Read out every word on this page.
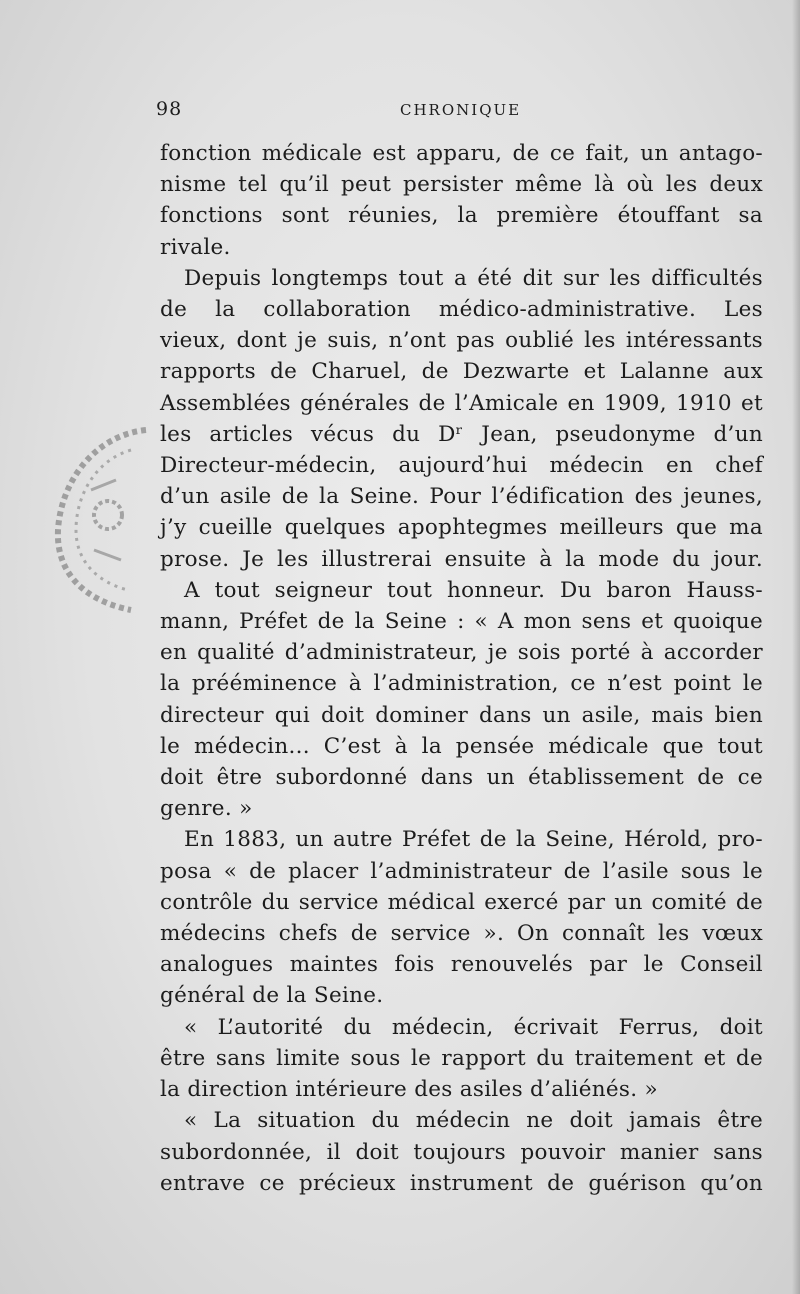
98	CHRONIQUE

fonction médicale est apparu, de ce fait, un antago-
nisme tel qu’il peut persister même là où les deux
fonctions sont réunies, la première étouffant sa
rivale.

Depuis longtemps tout a été dit sur les difficultés
de la collaboration médico-administrative. Les
vieux, dont je suis, n’ont pas oublié les intéressants
rapports de Charuel, de Dezwarte et Lalanne aux
Assemblées générales de l’Amicale en 1909, 1910 et
les articles vécus du Dʳ Jean, pseudonyme d’un
Directeur-médecin, aujourd’hui médecin en chef
d’un asile de la Seine. Pour l’édification des jeunes,
j’y cueille quelques apophtegmes meilleurs que ma
prose. Je les illustrerai ensuite à la mode du jour.

A tout seigneur tout honneur. Du baron Hauss-
mann, Préfet de la Seine : « A mon sens et quoique
en qualité d’administrateur, je sois porté à accorder
la prééminence à l’administration, ce n’est point le
directeur qui doit dominer dans un asile, mais bien
le médecin... C’est à la pensée médicale que tout
doit être subordonné dans un établissement de ce
genre. »

En 1883, un autre Préfet de la Seine, Hérold, pro-
posa « de placer l’administrateur de l’asile sous le
contrôle du service médical exercé par un comité de
médecins chefs de service ». On connaît les vœux
analogues maintes fois renouvelés par le Conseil
général de la Seine.

« L’autorité du médecin, écrivait Ferrus, doit
être sans limite sous le rapport du traitement et de
la direction intérieure des asiles d’aliénés. »

« La situation du médecin ne doit jamais être
subordonnée, il doit toujours pouvoir manier sans
entrave ce précieux instrument de guérison qu’on
